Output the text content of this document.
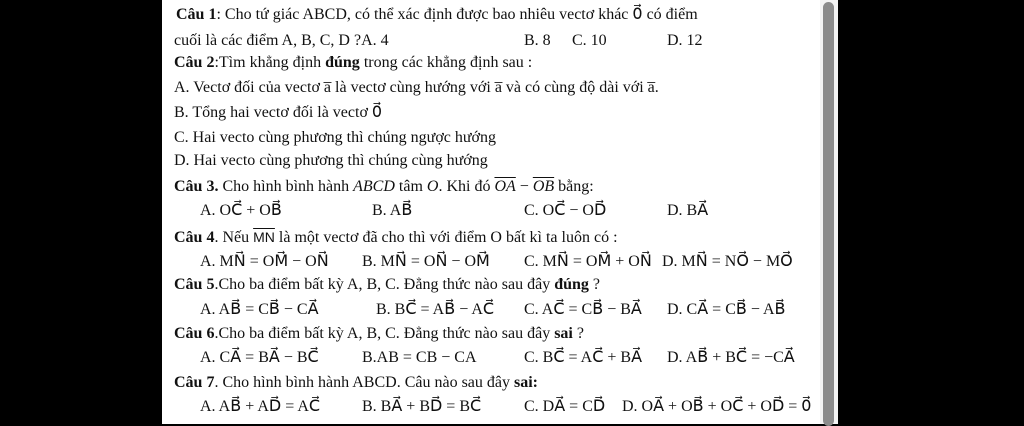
Câu 1: Cho tứ giác ABCD, có thể xác định được bao nhiêu vectơ khác 0⃗ có điểm
cuối là các điểm A, B, C, D ?A. 4	B. 8 C. 10	D. 12
Câu 2:Tìm khẳng định đúng trong các khẳng định sau :
A. Vectơ đối của vectơ a̅ là vectơ cùng hướng với a̅ và có cùng độ dài với a̅.
B. Tổng hai vectơ đối là vectơ 0⃗
C. Hai vecto cùng phương thì chúng ngược hướng
D. Hai vecto cùng phương thì chúng cùng hướng
Câu 3. Cho hình bình hành ABCD tâm O. Khi đó $\overline{OA} - \overline{OB}$ bằng:
A. OC⃗ + OB⃗	B. AB⃗	C. OC⃗ − OD⃗	D. BA⃗
Câu 4. Nếu $\overline{MN}$ là một vectơ đã cho thì với điểm O bất kì ta luôn có :
A. MN⃗ = OM⃗ − ON⃗ B. MN⃗ = ON⃗ − OM⃗ C. MN⃗ = OM⃗ + ON⃗ D. MN⃗ = NO⃗ − MO⃗
Câu 5.Cho ba điểm bất kỳ A, B, C. Đẳng thức nào sau đây đúng ?
A. AB⃗ = CB⃗ − CA⃗	B. BC⃗ = AB⃗ − AC⃗ C. AC⃗ = CB⃗ − BA⃗ D. CA⃗ = CB⃗ − AB⃗
Câu 6.Cho ba điểm bất kỳ A, B, C. Đẳng thức nào sau đây sai ?
A. CA⃗ = BA⃗ − BC⃗	B.AB = CB − CA	C. BC⃗ = AC⃗ + BA⃗ D. AB⃗ + BC⃗ = −CA⃗
Câu 7. Cho hình bình hành ABCD. Câu nào sau đây sai:
A. AB⃗ + AD⃗ = AC⃗	B. BA⃗ + BD⃗ = BC⃗	C. DA⃗ = CD⃗ D. OA⃗ + OB⃗ + OC⃗ + OD⃗ = 0⃗
